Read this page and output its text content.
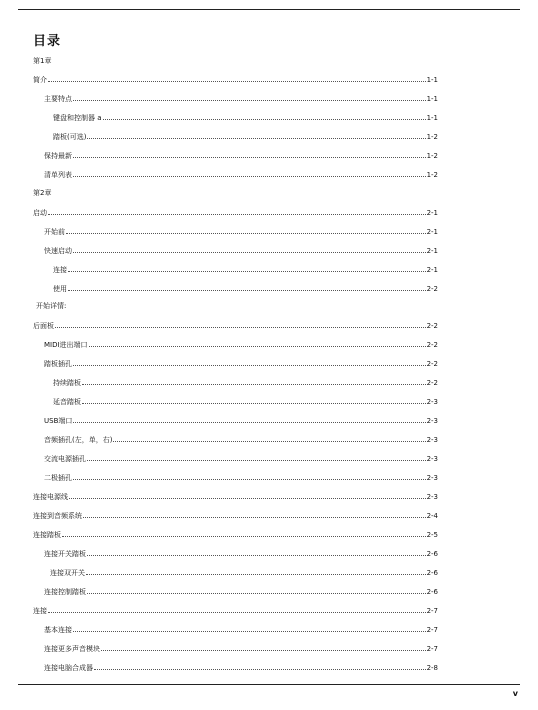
目录
第1章
简介	1-1
主要特点	1-1
键盘和控制器 a	1-1
踏板(可选)	1-2
保持最新	1-2
清单列表	1-2
第2章
启动	2-1
开始前	2-1
快速启动	2-1
连接	2-1
使用	2-2
开始详情:
后面板	2-2
MIDI进出端口	2-2
踏板插孔	2-2
持续踏板	2-2
延音踏板	2-3
USB端口	2-3
音频插孔(左，单，右)	2-3
交流电源插孔	2-3
二极插孔	2-3
连接电源线	2-3
连接到音频系统	2-4
连接踏板	2-5
连接开关踏板	2-6
连接双开关	2-6
连接控制踏板	2-6
连接	2-7
基本连接	2-7
连接更多声音模块	2-7
连接电脑合成器	2-8
v
